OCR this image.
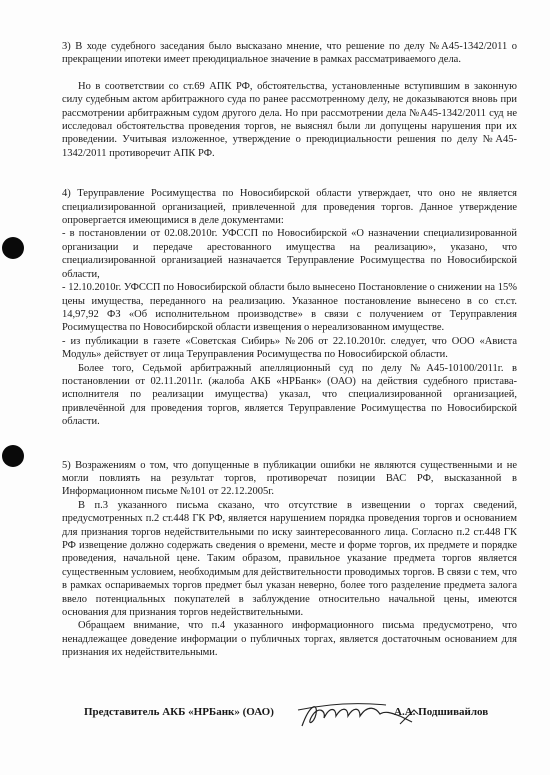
3) В ходе судебного заседания было высказано мнение, что решение по делу №А45-1342/2011 о прекращении ипотеки имеет преюдициальное значение в рамках рассматриваемого дела.

Но в соответствии со ст.69 АПК РФ, обстоятельства, установленные вступившим в законную силу судебным актом арбитражного суда по ранее рассмотренному делу, не доказываются вновь при рассмотрении арбитражным судом другого дела. Но при рассмотрении дела №А45-1342/2011 суд не исследовал обстоятельства проведения торгов, не выяснял были ли допущены нарушения при их проведении. Учитывая изложенное, утверждение о преюдициальности решения по делу №А45-1342/2011 противоречит АПК РФ.

4) Теруправление Росимущества по Новосибирской области утверждает, что оно не является специализированной организацией, привлеченной для проведения торгов. Данное утверждение опровергается имеющимися в деле документами:

- в постановлении от 02.08.2010г. УФССП по Новосибирской «О назначении специализированной организации и передаче арестованного имущества на реализацию», указано, что специализированной организацией назначается Теруправление Росимущества по Новосибирской области,

- 12.10.2010г. УФССП по Новосибирской области было вынесено Постановление о снижении на 15% цены имущества, переданного на реализацию. Указанное постановление вынесено в со ст.ст. 14,97,92 ФЗ «Об исполнительном производстве» в связи с получением от Теруправления Росимущества по Новосибирской области извещения о нереализованном имуществе.

- из публикации в газете «Советская Сибирь» №206 от 22.10.2010г. следует, что ООО «Ависта Модуль» действует от лица Теруправления Росимущества по Новосибирской области.

Более того, Седьмой арбитражный апелляционный суд по делу №А45-10100/2011г. в постановлении от 02.11.2011г. (жалоба АКБ «НРБанк» (ОАО) на действия судебного пристава-исполнителя по реализации имущества) указал, что специализированной организацией, привлечённой для проведения торгов, является Теруправление Росимущества по Новосибирской области.

5) Возражениям о том, что допущенные в публикации ошибки не являются существенными и не могли повлиять на результат торгов, противоречат позиции ВАС РФ, высказанной в Информационном письме №101 от 22.12.2005г.

В п.3 указанного письма сказано, что отсутствие в извещении о торгах сведений, предусмотренных п.2 ст.448 ГК РФ, является нарушением порядка проведения торгов и основанием для признания торгов недействительными по иску заинтересованного лица. Согласно п.2 ст.448 ГК РФ извещение должно содержать сведения о времени, месте и форме торгов, их предмете и порядке проведения, начальной цене. Таким образом, правильное указание предмета торгов является существенным условием, необходимым для действительности проводимых торгов. В связи с тем, что в рамках оспариваемых торгов предмет был указан неверно, более того разделение предмета залога ввело потенциальных покупателей в заблуждение относительно начальной цены, имеются основания для признания торгов недействительными.

Обращаем внимание, что п.4 указанного информационного письма предусмотрено, что ненадлежащее доведение информации о публичных торгах, является достаточным основанием для признания их недействительными.

Представитель АКБ «НРБанк» (ОАО)	А.А. Подшивайлов
